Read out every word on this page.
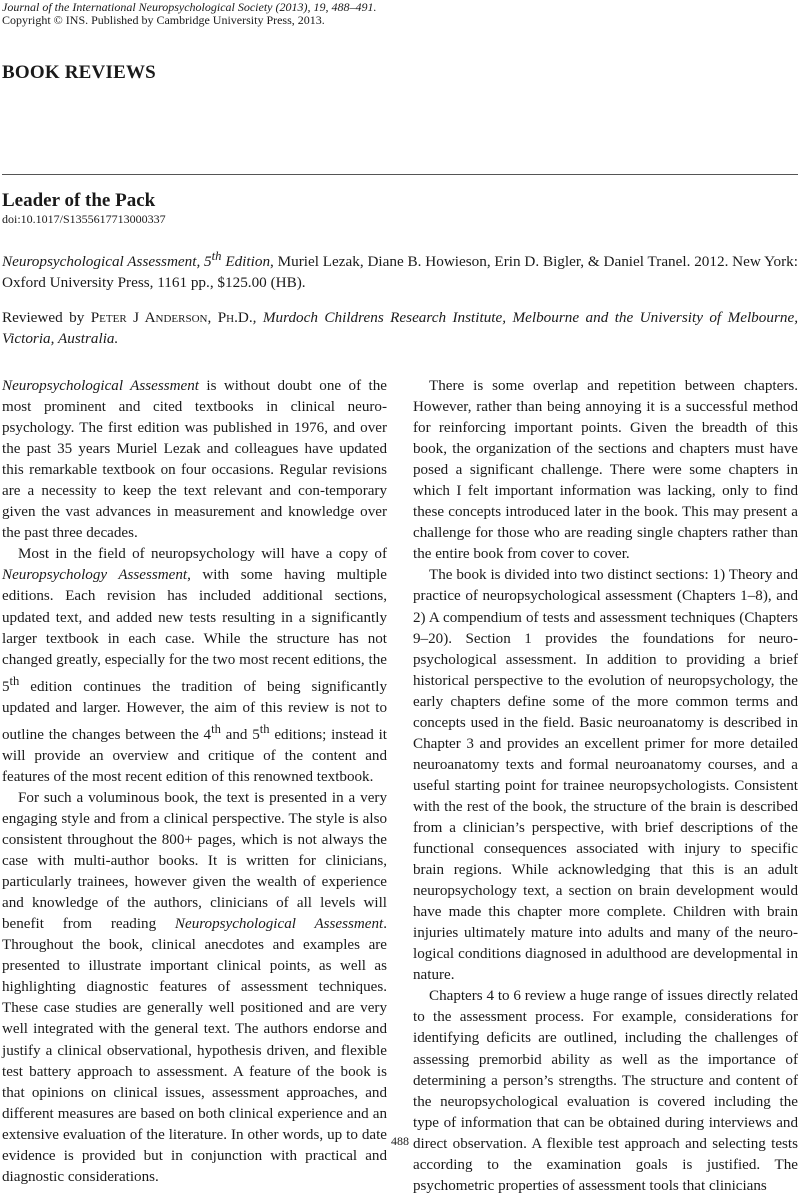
Journal of the International Neuropsychological Society (2013), 19, 488–491.
Copyright © INS. Published by Cambridge University Press, 2013.
BOOK REVIEWS
Leader of the Pack
doi:10.1017/S1355617713000337
Neuropsychological Assessment, 5th Edition, Muriel Lezak, Diane B. Howieson, Erin D. Bigler, & Daniel Tranel. 2012. New York: Oxford University Press, 1161 pp., $125.00 (HB).
Reviewed by Peter J Anderson, Ph.D., Murdoch Childrens Research Institute, Melbourne and the University of Melbourne, Victoria, Australia.

Neuropsychological Assessment is without doubt one of the most prominent and cited textbooks in clinical neuro-psychology. The first edition was published in 1976, and over the past 35 years Muriel Lezak and colleagues have updated this remarkable textbook on four occasions. Regular revisions are a necessity to keep the text relevant and con-temporary given the vast advances in measurement and knowledge over the past three decades.

Most in the field of neuropsychology will have a copy of Neuropsychology Assessment, with some having multiple editions. Each revision has included additional sections, updated text, and added new tests resulting in a significantly larger textbook in each case. While the structure has not changed greatly, especially for the two most recent editions, the 5th edition continues the tradition of being significantly updated and larger. However, the aim of this review is not to outline the changes between the 4th and 5th editions; instead it will provide an overview and critique of the content and features of the most recent edition of this renowned textbook.

For such a voluminous book, the text is presented in a very engaging style and from a clinical perspective. The style is also consistent throughout the 800+ pages, which is not always the case with multi-author books. It is written for clinicians, particularly trainees, however given the wealth of experience and knowledge of the authors, clinicians of all levels will benefit from reading Neuropsychological Assessment. Throughout the book, clinical anecdotes and examples are presented to illustrate important clinical points, as well as highlighting diagnostic features of assessment techniques. These case studies are generally well positioned and are very well integrated with the general text. The authors endorse and justify a clinical observational, hypothesis driven, and flexible test battery approach to assessment. A feature of the book is that opinions on clinical issues, assessment approaches, and different measures are based on both clinical experience and an extensive evaluation of the literature. In other words, up to date evidence is provided but in conjunction with practical and diagnostic considerations.

There is some overlap and repetition between chapters. However, rather than being annoying it is a successful method for reinforcing important points. Given the breadth of this book, the organization of the sections and chapters must have posed a significant challenge. There were some chapters in which I felt important information was lacking, only to find these concepts introduced later in the book. This may present a challenge for those who are reading single chapters rather than the entire book from cover to cover.

The book is divided into two distinct sections: 1) Theory and practice of neuropsychological assessment (Chapters 1–8), and 2) A compendium of tests and assessment techniques (Chapters 9–20). Section 1 provides the foundations for neuro-psychological assessment. In addition to providing a brief historical perspective to the evolution of neuropsychology, the early chapters define some of the more common terms and concepts used in the field. Basic neuroanatomy is described in Chapter 3 and provides an excellent primer for more detailed neuroanatomy texts and formal neuroanatomy courses, and a useful starting point for trainee neuropsychologists. Consistent with the rest of the book, the structure of the brain is described from a clinician’s perspective, with brief descriptions of the functional consequences associated with injury to specific brain regions. While acknowledging that this is an adult neuropsychology text, a section on brain development would have made this chapter more complete. Children with brain injuries ultimately mature into adults and many of the neuro-logical conditions diagnosed in adulthood are developmental in nature.

Chapters 4 to 6 review a huge range of issues directly related to the assessment process. For example, considerations for identifying deficits are outlined, including the challenges of assessing premorbid ability as well as the importance of determining a person’s strengths. The structure and content of the neuropsychological evaluation is covered including the type of information that can be obtained during interviews and direct observation. A flexible test approach and selecting tests according to the examination goals is justified. The psychometric properties of assessment tools that clinicians

488
